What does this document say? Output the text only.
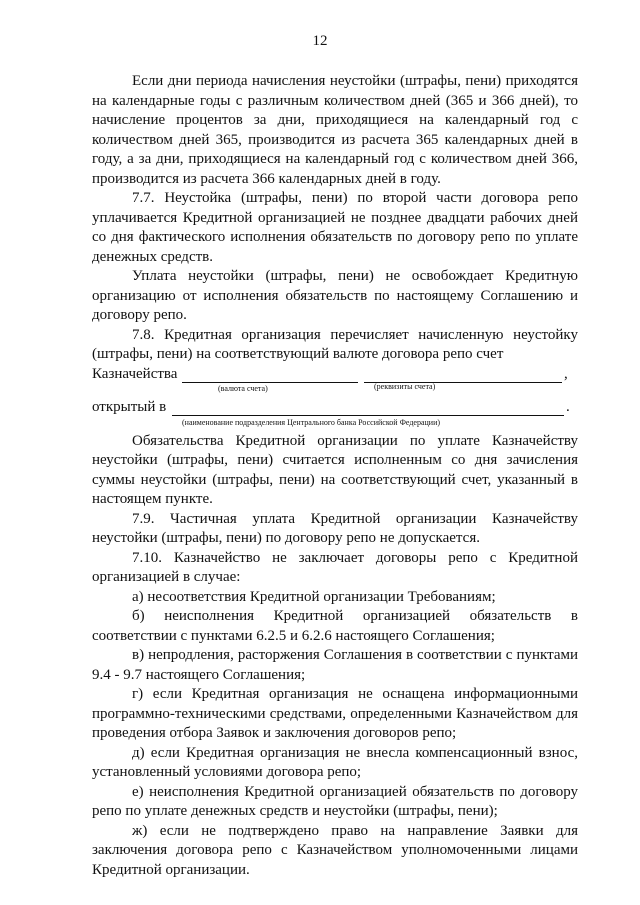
12

Если дни периода начисления неустойки (штрафы, пени) приходятся на календарные годы с различным количеством дней (365 и 366 дней), то начисление процентов за дни, приходящиеся на календарный год с количеством дней 365, производится из расчета 365 календарных дней в году, а за дни, приходящиеся на календарный год с количеством дней 366, производится из расчета 366 календарных дней в году.

7.7. Неустойка (штрафы, пени) по второй части договора репо уплачивается Кредитной организацией не позднее двадцати рабочих дней со дня фактического исполнения обязательств по договору репо по уплате денежных средств.

Уплата неустойки (штрафы, пени) не освобождает Кредитную организацию от исполнения обязательств по настоящему Соглашению и договору репо.

7.8. Кредитная организация перечисляет начисленную неустойку (штрафы, пени) на соответствующий валюте договора репо счет

Казначейства	,
(валюта счета)	(реквизиты счета)
открытый в	.
(наименование подразделения Центрального банка Российской Федерации)

Обязательства Кредитной организации по уплате Казначейству неустойки (штрафы, пени) считается исполненным со дня зачисления суммы неустойки (штрафы, пени) на соответствующий счет, указанный в настоящем пункте.

7.9. Частичная уплата Кредитной организации Казначейству неустойки (штрафы, пени) по договору репо не допускается.

7.10. Казначейство не заключает договоры репо с Кредитной организацией в случае:

а) несоответствия Кредитной организации Требованиям;

б) неисполнения Кредитной организацией обязательств в соответствии с пунктами 6.2.5 и 6.2.6 настоящего Соглашения;

в) непродления, расторжения Соглашения в соответствии с пунктами 9.4 - 9.7 настоящего Соглашения;

г) если Кредитная организация не оснащена информационными программно-техническими средствами, определенными Казначейством для проведения отбора Заявок и заключения договоров репо;

д) если Кредитная организация не внесла компенсационный взнос, установленный условиями договора репо;

е) неисполнения Кредитной организацией обязательств по договору репо по уплате денежных средств и неустойки (штрафы, пени);

ж) если не подтверждено право на направление Заявки для заключения договора репо с Казначейством уполномоченными лицами Кредитной организации.
